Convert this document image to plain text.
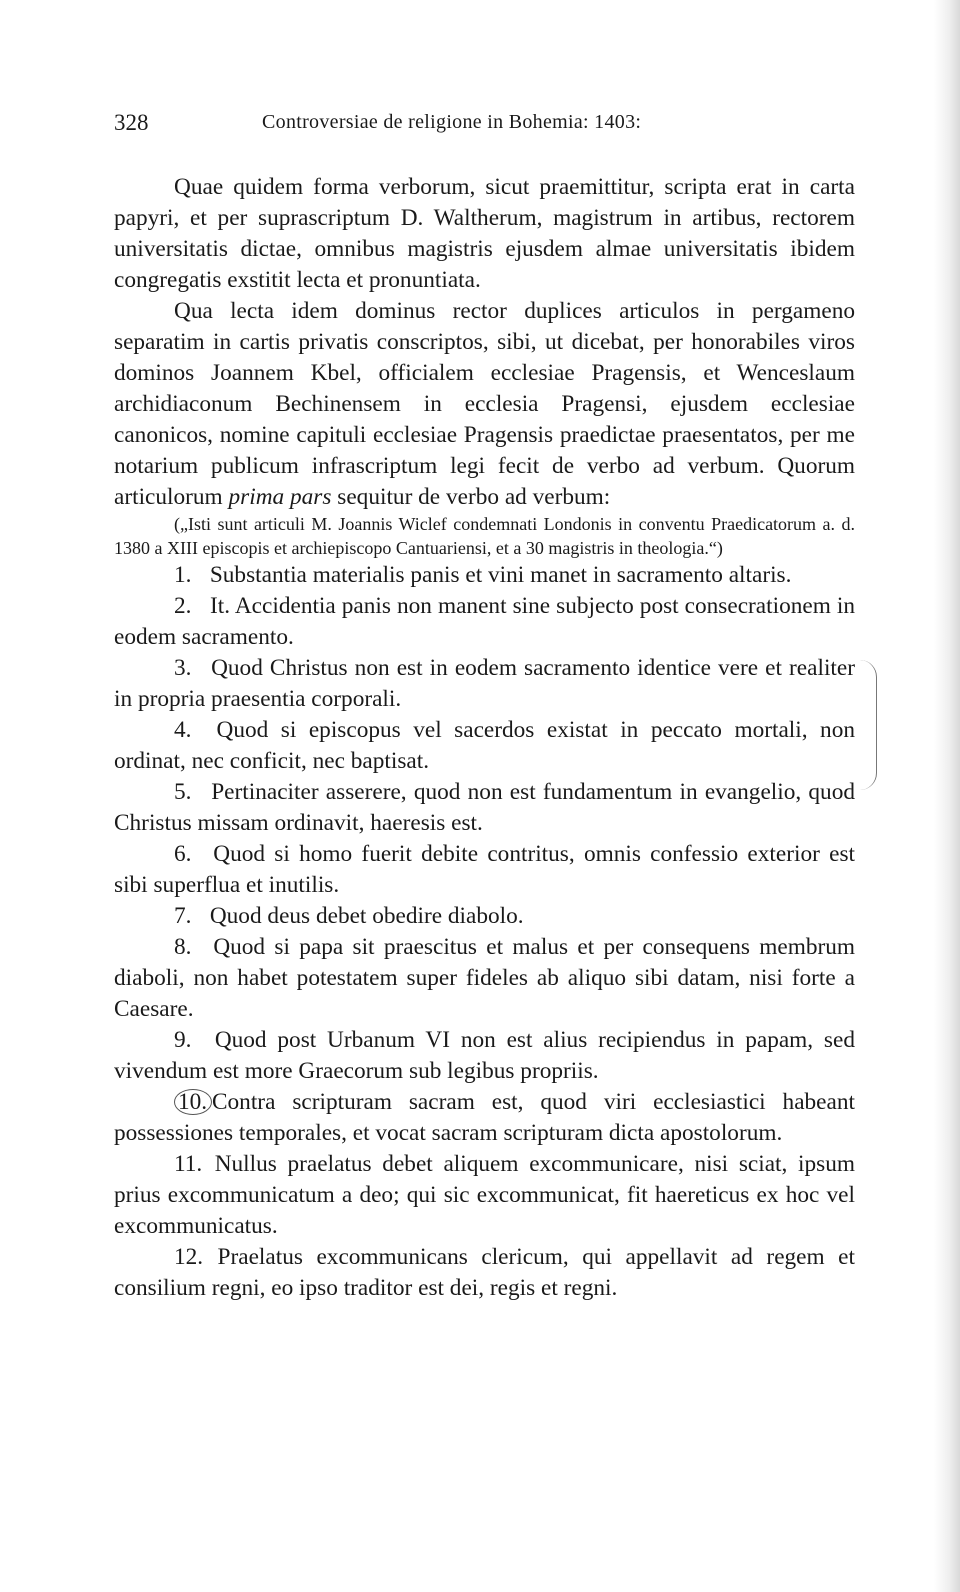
328	Controversiae de religione in Bohemia: 1403:

Quae quidem forma verborum, sicut praemittitur, scripta erat in carta papyri, et per suprascriptum D. Waltherum, magistrum in artibus, rectorem universitatis dictae, omnibus magistris ejusdem almae universitatis ibidem congregatis exstitit lecta et pronuntiata.

Qua lecta idem dominus rector duplices articulos in pergameno separatim in cartis privatis conscriptos, sibi, ut dicebat, per honorabiles viros dominos Joannem Kbel, officialem ecclesiae Pragensis, et Wenceslaum archidiaconum Bechinensem in ecclesia Pragensi, ejusdem ecclesiae canonicos, nomine capituli ecclesiae Pragensis praedictae praesentatos, per me notarium publicum infrascriptum legi fecit de verbo ad verbum. Quorum articulorum prima pars sequitur de verbo ad verbum:

(„Isti sunt articuli M. Joannis Wiclef condemnati Londonis in conventu Praedicatorum a. d. 1380 a XIII episcopis et archiepiscopo Cantuariensi, et a 30 magistris in theologia.“)

1. Substantia materialis panis et vini manet in sacramento altaris.

2. It. Accidentia panis non manent sine subjecto post consecrationem in eodem sacramento.

3. Quod Christus non est in eodem sacramento identice vere et realiter in propria praesentia corporali.

4. Quod si episcopus vel sacerdos existat in peccato mortali, non ordinat, nec conficit, nec baptisat.

5. Pertinaciter asserere, quod non est fundamentum in evangelio, quod Christus missam ordinavit, haeresis est.

6. Quod si homo fuerit debite contritus, omnis confessio exterior est sibi superflua et inutilis.

7. Quod deus debet obedire diabolo.

8. Quod si papa sit praescitus et malus et per consequens membrum diaboli, non habet potestatem super fideles ab aliquo sibi datam, nisi forte a Caesare.

9. Quod post Urbanum VI non est alius recipiendus in papam, sed vivendum est more Graecorum sub legibus propriis.

10. Contra scripturam sacram est, quod viri ecclesiastici habeant possessiones temporales, et vocat sacram scripturam dicta apostolorum.

11. Nullus praelatus debet aliquem excommunicare, nisi sciat, ipsum prius excommunicatum a deo; qui sic excommunicat, fit haereticus ex hoc vel excommunicatus.

12. Praelatus excommunicans clericum, qui appellavit ad regem et consilium regni, eo ipso traditor est dei, regis et regni.
